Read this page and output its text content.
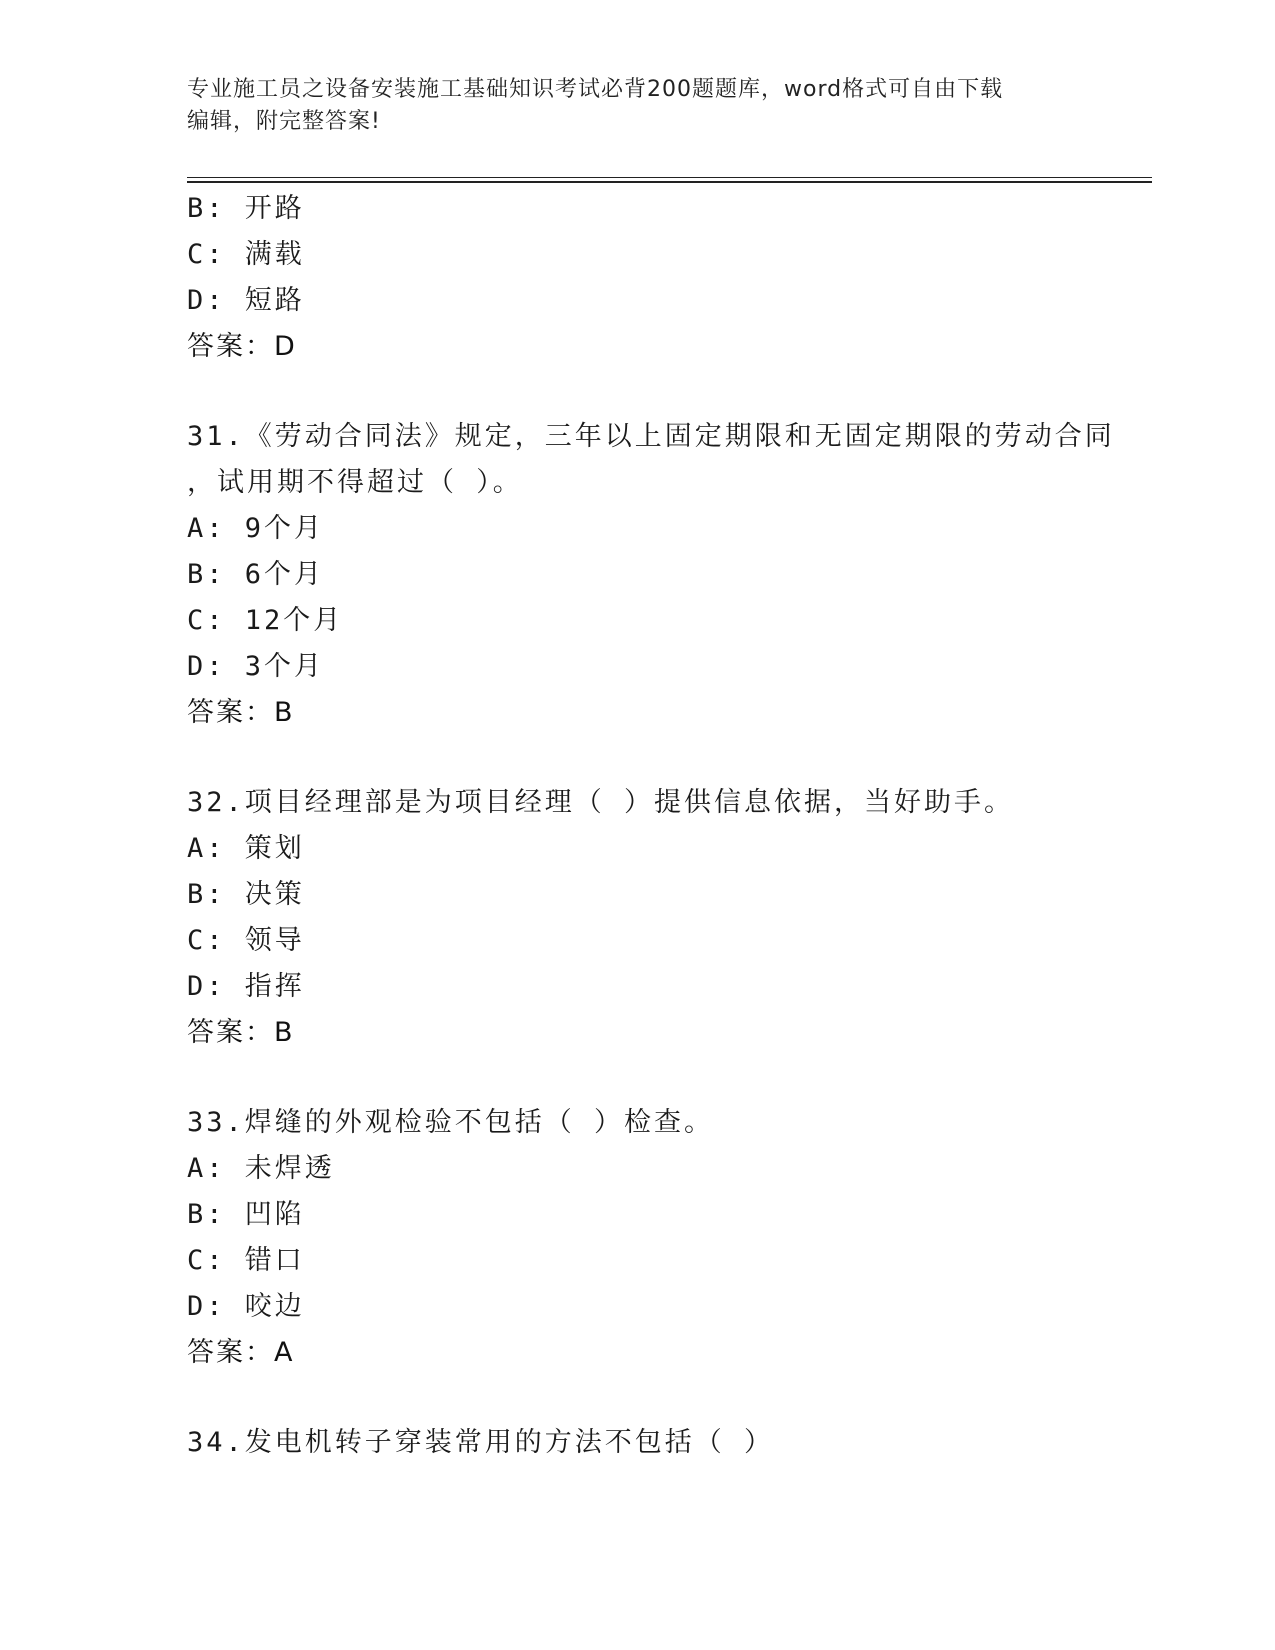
专业施工员之设备安装施工基础知识考试必背200题题库，word格式可自由下载
编辑，附完整答案!
B: 开路
C: 满载
D: 短路
答案：D
31.《劳动合同法》规定，三年以上固定期限和无固定期限的劳动合同
，试用期不得超过（ ）。
A: 9个月
B: 6个月
C: 12个月
D: 3个月
答案：B
32.项目经理部是为项目经理（ ）提供信息依据，当好助手。
A: 策划
B: 决策
C: 领导
D: 指挥
答案：B
33.焊缝的外观检验不包括（ ）检查。
A: 未焊透
B: 凹陷
C: 错口
D: 咬边
答案：A
34.发电机转子穿装常用的方法不包括（ ）
